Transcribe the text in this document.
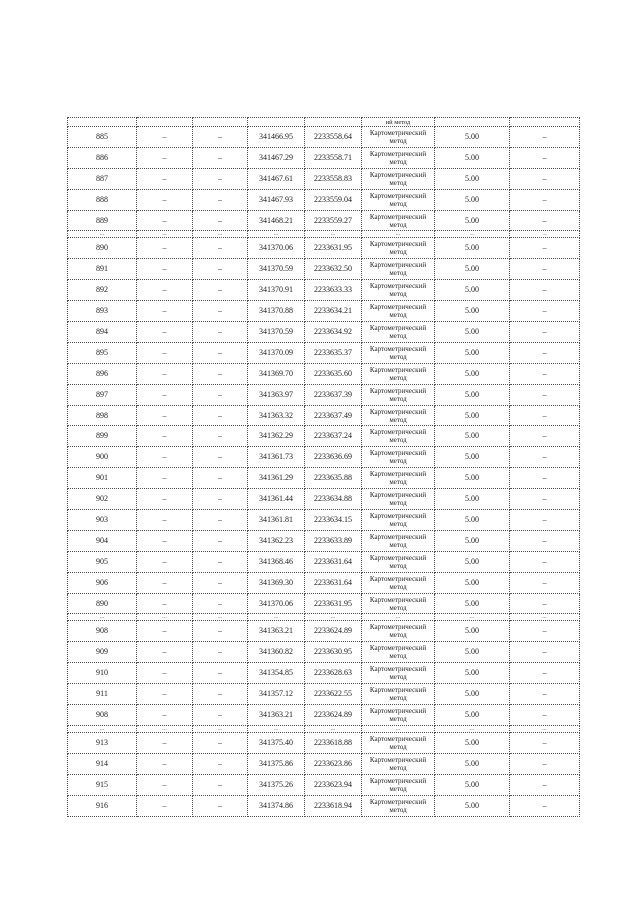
					ий метод		
885	–	–	341466.95	2233558.64	Картометрический метод	5.00	–
886	–	–	341467.29	2233558.71	Картометрический метод	5.00	–
887	–	–	341467.61	2233558.83	Картометрический метод	5.00	–
888	–	–	341467.93	2233559.04	Картометрический метод	5.00	–
889	–	–	341468.21	2233559.27	Картометрический метод	5.00	–
...	...	...	...	...	...	...	...
890	–	–	341370.06	2233631.95	Картометрический метод	5.00	–
891	–	–	341370.59	2233632.50	Картометрический метод	5.00	–
892	–	–	341370.91	2233633.33	Картометрический метод	5.00	–
893	–	–	341370.88	2233634.21	Картометрический метод	5.00	–
894	–	–	341370.59	2233634.92	Картометрический метод	5.00	–
895	–	–	341370.09	2233635.37	Картометрический метод	5.00	–
896	–	–	341369.70	2233635.60	Картометрический метод	5.00	–
897	–	–	341363.97	2233637.39	Картометрический метод	5.00	–
898	–	–	341363.32	2233637.49	Картометрический метод	5.00	–
899	–	–	341362.29	2233637.24	Картометрический метод	5.00	–
900	–	–	341361.73	2233636.69	Картометрический метод	5.00	–
901	–	–	341361.29	2233635.88	Картометрический метод	5.00	–
902	–	–	341361.44	2233634.88	Картометрический метод	5.00	–
903	–	–	341361.81	2233634.15	Картометрический метод	5.00	–
904	–	–	341362.23	2233633.89	Картометрический метод	5.00	–
905	–	–	341368.46	2233631.64	Картометрический метод	5.00	–
906	–	–	341369.30	2233631.64	Картометрический метод	5.00	–
890	–	–	341370.06	2233631.95	Картометрический метод	5.00	–
...	...	...	...	...	...	...	...
908	–	–	341363.21	2233624.89	Картометрический метод	5.00	–
909	–	–	341360.82	2233630.95	Картометрический метод	5.00	–
910	–	–	341354.85	2233628.63	Картометрический метод	5.00	–
911	–	–	341357.12	2233622.55	Картометрический метод	5.00	–
908	–	–	341363.21	2233624.89	Картометрический метод	5.00	–
...	...	...	...	...	...	...	...
913	–	–	341375.40	2233618.88	Картометрический метод	5.00	–
914	–	–	341375.86	2233623.86	Картометрический метод	5.00	–
915	–	–	341375.26	2233623.94	Картометрический метод	5.00	–
916	–	–	341374.86	2233618.94	Картометрический метод	5.00	–
